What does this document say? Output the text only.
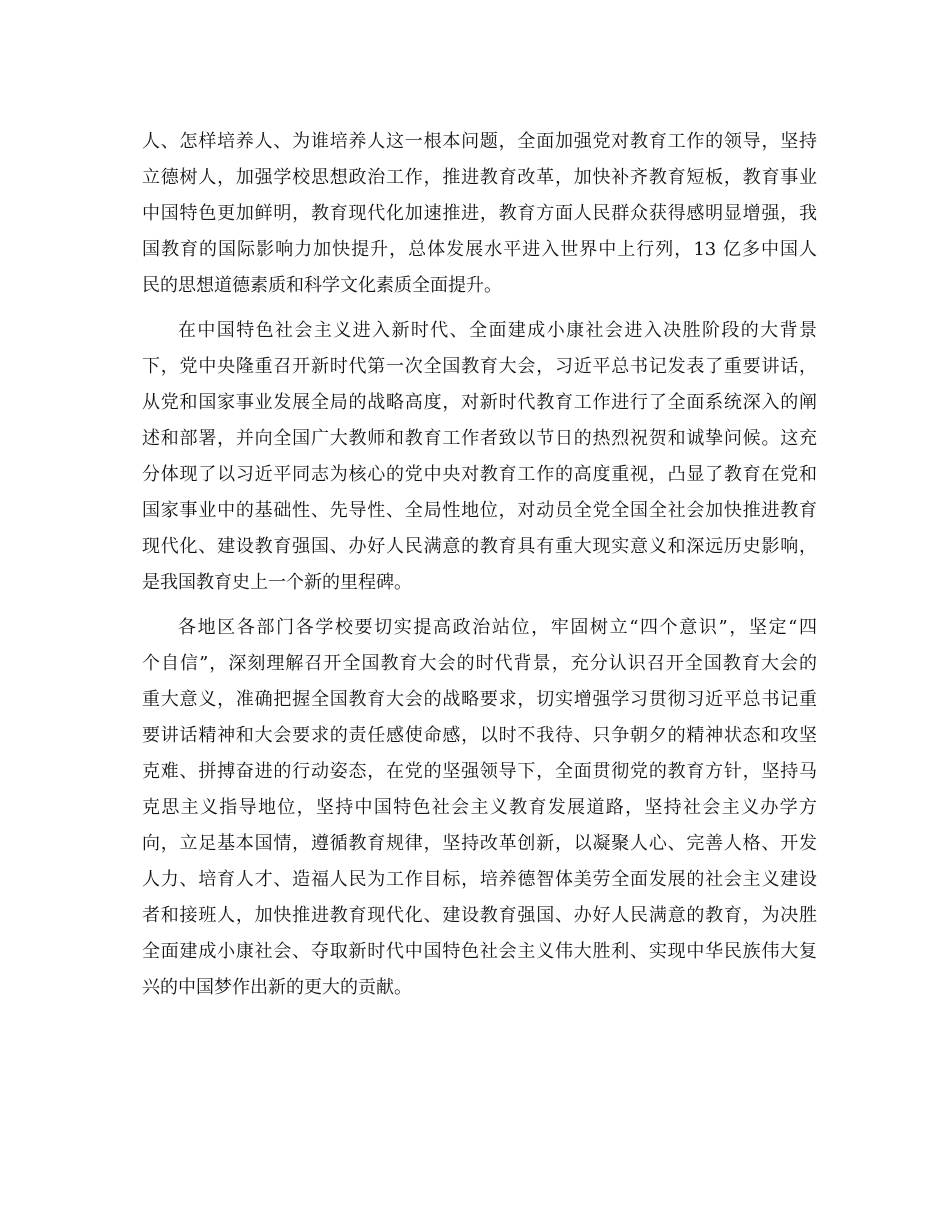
人、怎样培养人、为谁培养人这一根本问题，全面加强党对教育工作的领导，坚持
立德树人，加强学校思想政治工作，推进教育改革，加快补齐教育短板，教育事业
中国特色更加鲜明，教育现代化加速推进，教育方面人民群众获得感明显增强，我
国教育的国际影响力加快提升，总体发展水平进入世界中上行列，13 亿多中国人
民的思想道德素质和科学文化素质全面提升。
在中国特色社会主义进入新时代、全面建成小康社会进入决胜阶段的大背景
下，党中央隆重召开新时代第一次全国教育大会，习近平总书记发表了重要讲话，
从党和国家事业发展全局的战略高度，对新时代教育工作进行了全面系统深入的阐
述和部署，并向全国广大教师和教育工作者致以节日的热烈祝贺和诚挚问候。这充
分体现了以习近平同志为核心的党中央对教育工作的高度重视，凸显了教育在党和
国家事业中的基础性、先导性、全局性地位，对动员全党全国全社会加快推进教育
现代化、建设教育强国、办好人民满意的教育具有重大现实意义和深远历史影响，
是我国教育史上一个新的里程碑。
各地区各部门各学校要切实提高政治站位，牢固树立“四个意识”，坚定“四
个自信”，深刻理解召开全国教育大会的时代背景，充分认识召开全国教育大会的
重大意义，准确把握全国教育大会的战略要求，切实增强学习贯彻习近平总书记重
要讲话精神和大会要求的责任感使命感，以时不我待、只争朝夕的精神状态和攻坚
克难、拼搏奋进的行动姿态，在党的坚强领导下，全面贯彻党的教育方针，坚持马
克思主义指导地位，坚持中国特色社会主义教育发展道路，坚持社会主义办学方
向，立足基本国情，遵循教育规律，坚持改革创新，以凝聚人心、完善人格、开发
人力、培育人才、造福人民为工作目标，培养德智体美劳全面发展的社会主义建设
者和接班人，加快推进教育现代化、建设教育强国、办好人民满意的教育，为决胜
全面建成小康社会、夺取新时代中国特色社会主义伟大胜利、实现中华民族伟大复
兴的中国梦作出新的更大的贡献。
